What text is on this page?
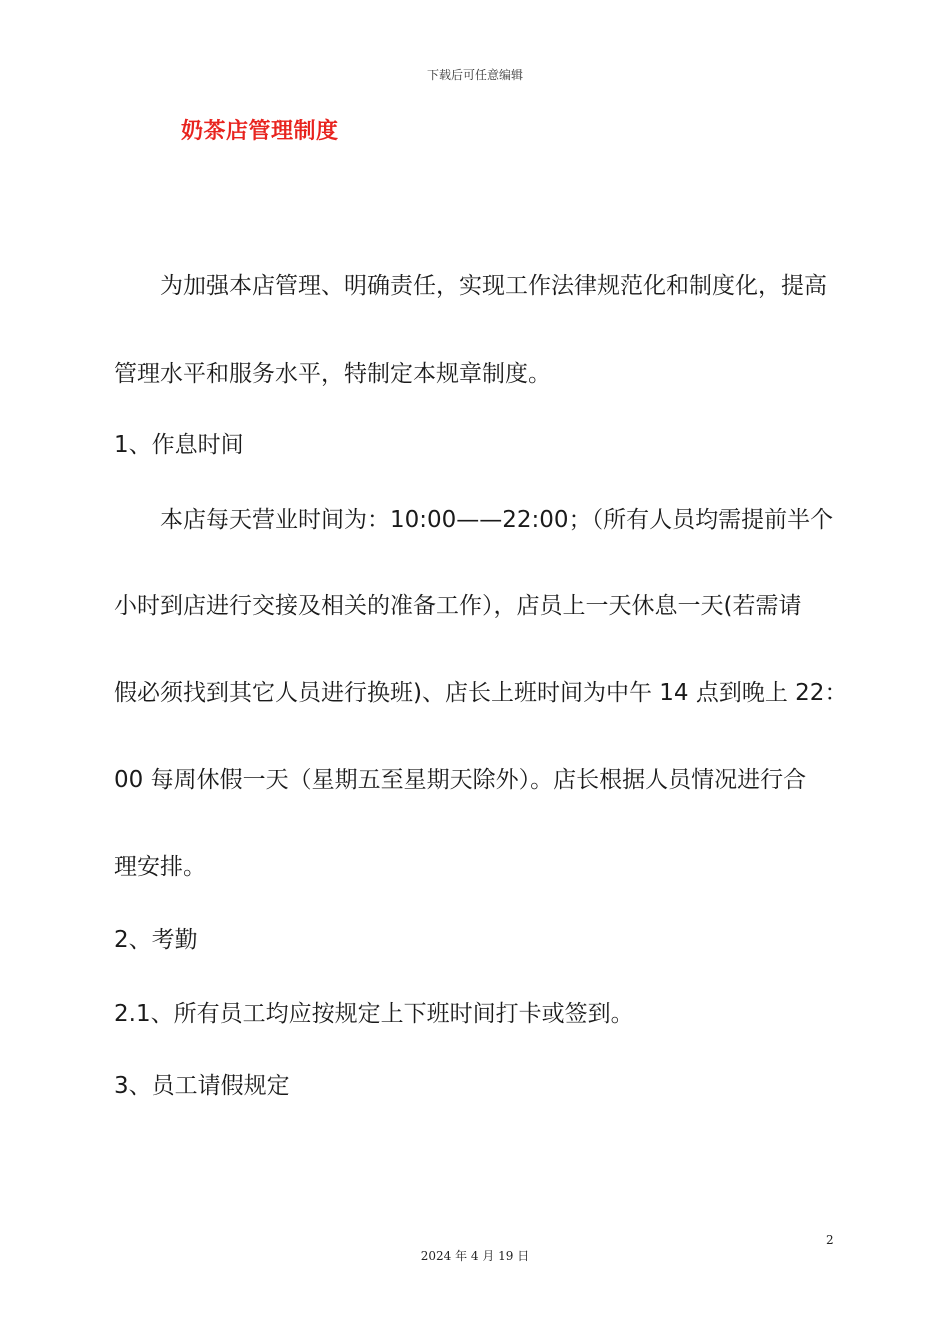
下载后可任意编辑
奶茶店管理制度
为加强本店管理、明确责任，实现工作法律规范化和制度化，提高
管理水平和服务水平，特制定本规章制度。
1、作息时间
本店每天营业时间为：10:00——22:00；（所有人员均需提前半个
小时到店进行交接及相关的准备工作），店员上一天休息一天(若需请
假必须找到其它人员进行换班)、店长上班时间为中午 14 点到晚上 22：
00 每周休假一天（星期五至星期天除外）。店长根据人员情况进行合
理安排。
2、考勤
2.1、所有员工均应按规定上下班时间打卡或签到。
3、员工请假规定
2
2024 年 4 月 19 日
